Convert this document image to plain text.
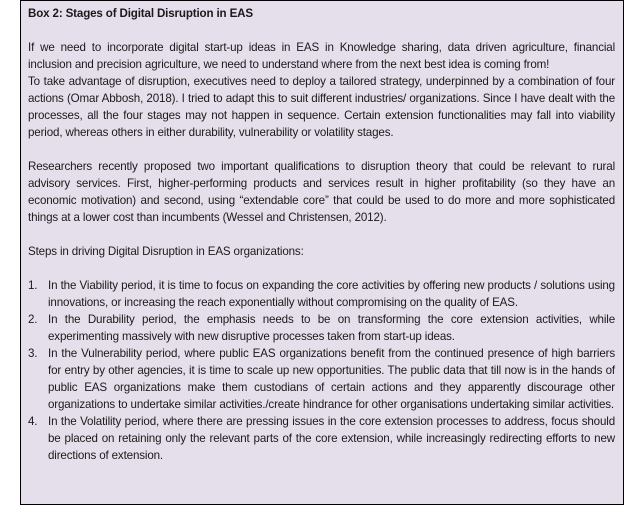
Box 2: Stages of Digital Disruption in EAS

If we need to incorporate digital start-up ideas in EAS in Knowledge sharing, data driven agriculture, financial inclusion and precision agriculture, we need to understand where from the next best idea is coming from!

To take advantage of disruption, executives need to deploy a tailored strategy, underpinned by a combination of four actions (Omar Abbosh, 2018). I tried to adapt this to suit different industries/ organizations. Since I have dealt with the processes, all the four stages may not happen in sequence. Certain extension functionalities may fall into viability period, whereas others in either durability, vulnerability or volatility stages.

Researchers recently proposed two important qualifications to disruption theory that could be relevant to rural advisory services. First, higher-performing products and services result in higher profitability (so they have an economic motivation) and second, using “extendable core” that could be used to do more and more sophisticated things at a lower cost than incumbents (Wessel and Christensen, 2012).

Steps in driving Digital Disruption in EAS organizations:

1. In the Viability period, it is time to focus on expanding the core activities by offering new products / solutions using innovations, or increasing the reach exponentially without compromising on the quality of EAS.
2. In the Durability period, the emphasis needs to be on transforming the core extension activities, while experimenting massively with new disruptive processes taken from start-up ideas.
3. In the Vulnerability period, where public EAS organizations benefit from the continued presence of high barriers for entry by other agencies, it is time to scale up new opportunities. The public data that till now is in the hands of public EAS organizations make them custodians of certain actions and they apparently discourage other organizations to undertake similar activities./create hindrance for other organisations undertaking similar activities.
4. In the Volatility period, where there are pressing issues in the core extension processes to address, focus should be placed on retaining only the relevant parts of the core extension, while increasingly redirecting efforts to new directions of extension.
